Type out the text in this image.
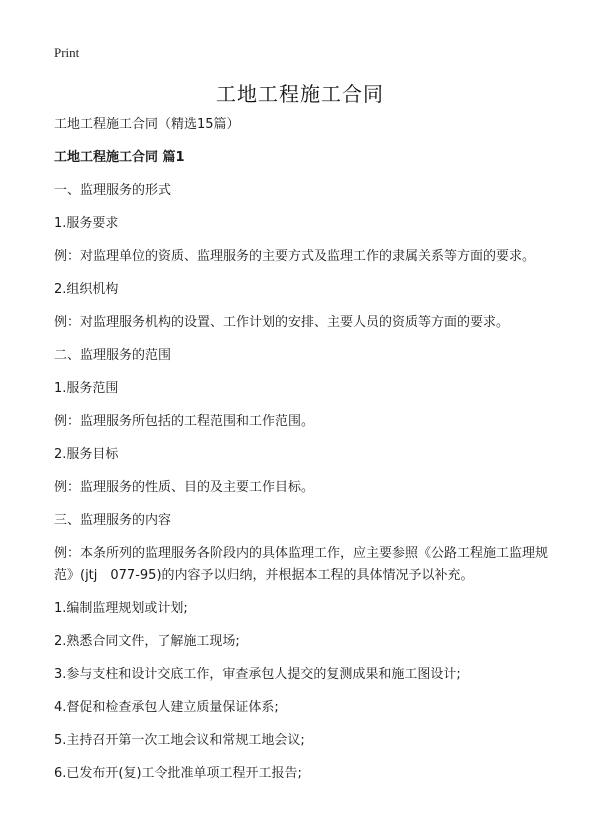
Print
工地工程施工合同

工地工程施工合同（精选15篇）

工地工程施工合同 篇1

一、监理服务的形式

1.服务要求

例：对监理单位的资质、监理服务的主要方式及监理工作的隶属关系等方面的要求。

2.组织机构

例：对监理服务机构的设置、工作计划的安排、主要人员的资质等方面的要求。

二、监理服务的范围

1.服务范围

例：监理服务所包括的工程范围和工作范围。

2.服务目标

例：监理服务的性质、目的及主要工作目标。

三、监理服务的内容

例：本条所列的监理服务各阶段内的具体监理工作，应主要参照《公路工程施工监理规范》(jtj　077-95)的内容予以归纳，并根据本工程的具体情况予以补充。

1.编制监理规划或计划;

2.熟悉合同文件，了解施工现场;

3.参与支柱和设计交底工作，审查承包人提交的复测成果和施工图设计;

4.督促和检查承包人建立质量保证体系;

5.主持召开第一次工地会议和常规工地会议;

6.已发布开(复)工令批准单项工程开工报告;
